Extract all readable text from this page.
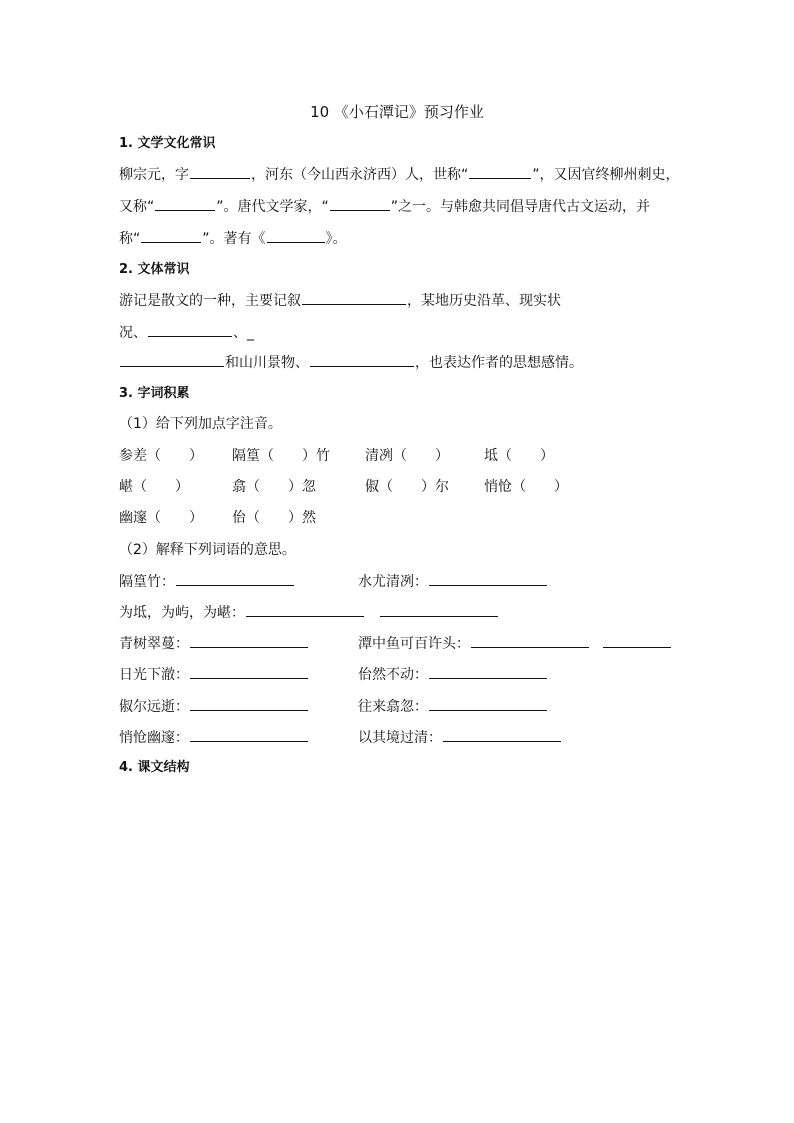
10 《小石潭记》预习作业
1. 文学文化常识
柳宗元，字	，河东（今山西永济西）人，世称“	”，又因官终柳州刺史，
又称“	”。唐代文学家，“	”之一。与韩愈共同倡导唐代古文运动，并
称“	”。著有《	》。
2. 文体常识
游记是散文的一种，主要记叙	，某地历史沿革、现实状
况、	、_
和山川景物、	，也表达作者的思想感情。
3. 字词积累
（1）给下列加点字注音。
参差（　　） 隔篁（　　）竹	清冽（　　）	坻（　　）
嵁（　　）	翕（　　）忽	俶（　　）尔	悄怆（　　）
幽邃（　　） 佁（　　）然
（2）解释下列词语的意思。
隔篁竹：	水尤清冽：
为坻，为屿，为嵁：
青树翠蔓：	潭中鱼可百许头：
日光下澈：	佁然不动：
俶尔远逝：	往来翕忽：
悄怆幽邃：	以其境过清：
4. 课文结构
